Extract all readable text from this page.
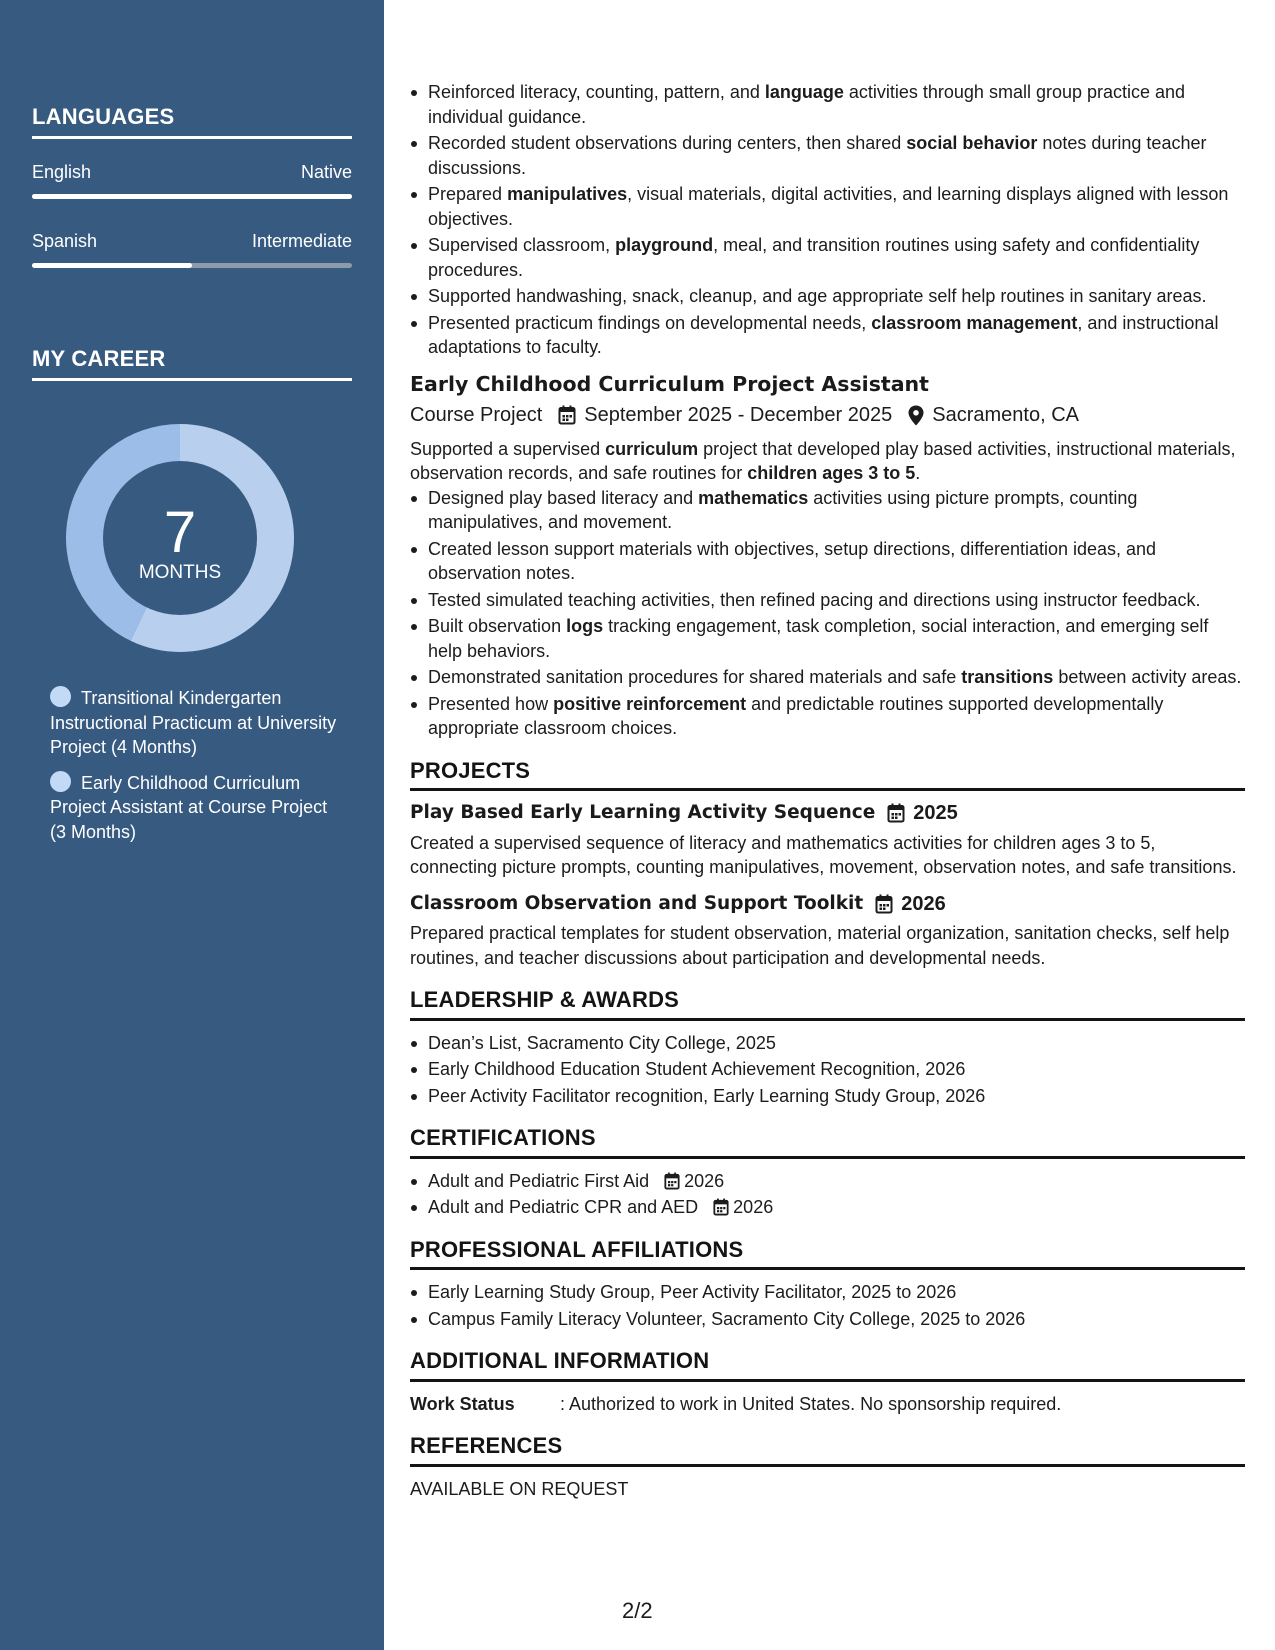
LANGUAGES
English	Native
Spanish	Intermediate
MY CAREER
7
MONTHS
Transitional Kindergarten Instructional Practicum at University Project (4 Months)
Early Childhood Curriculum Project Assistant at Course Project (3 Months)
Reinforced literacy, counting, pattern, and language activities through small group practice and individual guidance.
Recorded student observations during centers, then shared social behavior notes during teacher discussions.
Prepared manipulatives, visual materials, digital activities, and learning displays aligned with lesson objectives.
Supervised classroom, playground, meal, and transition routines using safety and confidentiality procedures.
Supported handwashing, snack, cleanup, and age appropriate self help routines in sanitary areas.
Presented practicum findings on developmental needs, classroom management, and instructional adaptations to faculty.
Early Childhood Curriculum Project Assistant
Course Project September 2025 - December 2025 Sacramento, CA
Supported a supervised curriculum project that developed play based activities, instructional materials, observation records, and safe routines for children ages 3 to 5.
Designed play based literacy and mathematics activities using picture prompts, counting manipulatives, and movement.
Created lesson support materials with objectives, setup directions, differentiation ideas, and observation notes.
Tested simulated teaching activities, then refined pacing and directions using instructor feedback.
Built observation logs tracking engagement, task completion, social interaction, and emerging self help behaviors.
Demonstrated sanitation procedures for shared materials and safe transitions between activity areas.
Presented how positive reinforcement and predictable routines supported developmentally appropriate classroom choices.
PROJECTS
Play Based Early Learning Activity Sequence 2025
Created a supervised sequence of literacy and mathematics activities for children ages 3 to 5, connecting picture prompts, counting manipulatives, movement, observation notes, and safe transitions.
Classroom Observation and Support Toolkit 2026
Prepared practical templates for student observation, material organization, sanitation checks, self help routines, and teacher discussions about participation and developmental needs.
LEADERSHIP & AWARDS
Dean’s List, Sacramento City College, 2025
Early Childhood Education Student Achievement Recognition, 2026
Peer Activity Facilitator recognition, Early Learning Study Group, 2026
CERTIFICATIONS
Adult and Pediatric First Aid 2026
Adult and Pediatric CPR and AED 2026
PROFESSIONAL AFFILIATIONS
Early Learning Study Group, Peer Activity Facilitator, 2025 to 2026
Campus Family Literacy Volunteer, Sacramento City College, 2025 to 2026
ADDITIONAL INFORMATION
Work Status	: Authorized to work in United States. No sponsorship required.
REFERENCES
AVAILABLE ON REQUEST
2/2
